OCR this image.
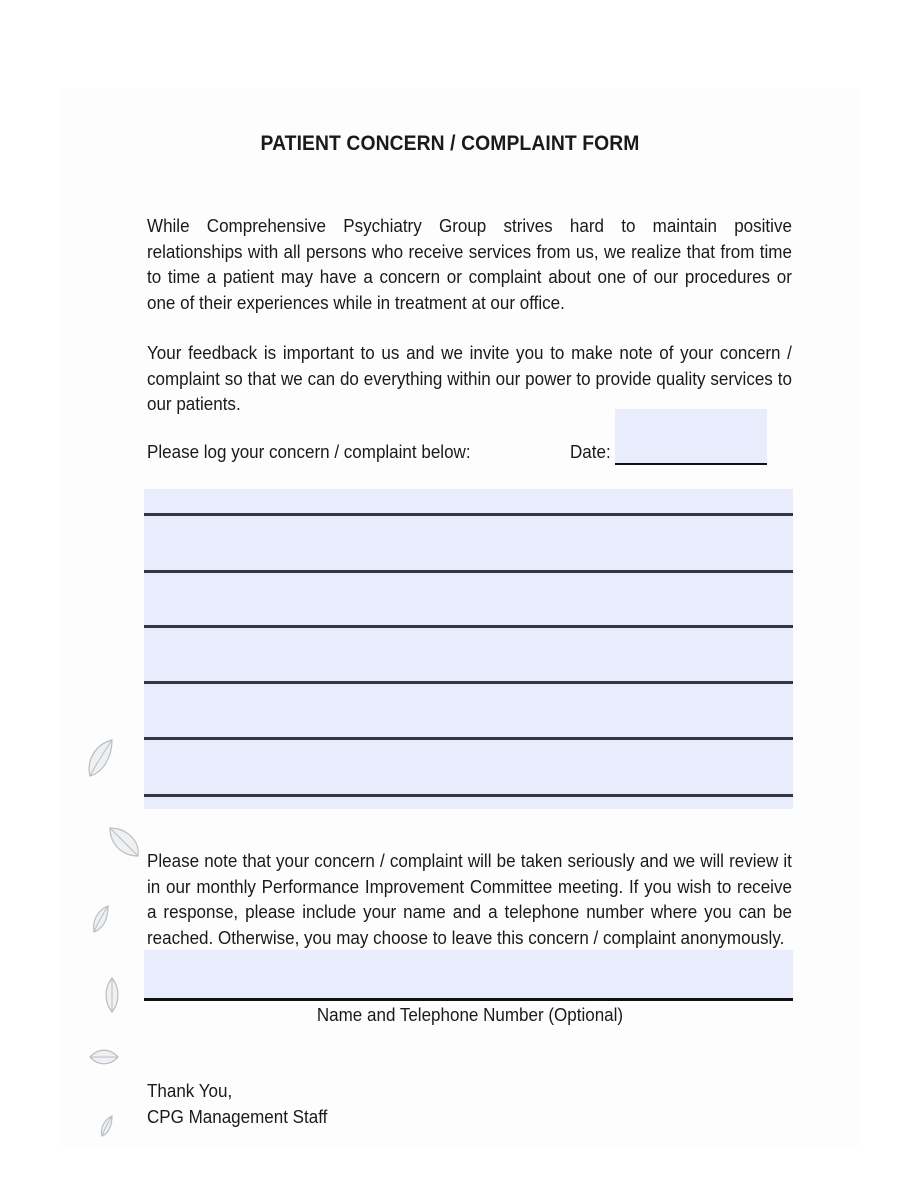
PATIENT CONCERN / COMPLAINT FORM
While Comprehensive Psychiatry Group strives hard to maintain positive relationships with all persons who receive services from us, we realize that from time to time a patient may have a concern or complaint about one of our procedures or one of their experiences while in treatment at our office.
Your feedback is important to us and we invite you to make note of your concern / complaint so that we can do everything within our power to provide quality services to our patients.
Please log your concern / complaint below:	Date:
Please note that your concern / complaint will be taken seriously and we will review it in our monthly Performance Improvement Committee meeting. If you wish to receive a response, please include your name and a telephone number where you can be reached. Otherwise, you may choose to leave this concern / complaint anonymously.
Name and Telephone Number (Optional)
Thank You,
CPG Management Staff
